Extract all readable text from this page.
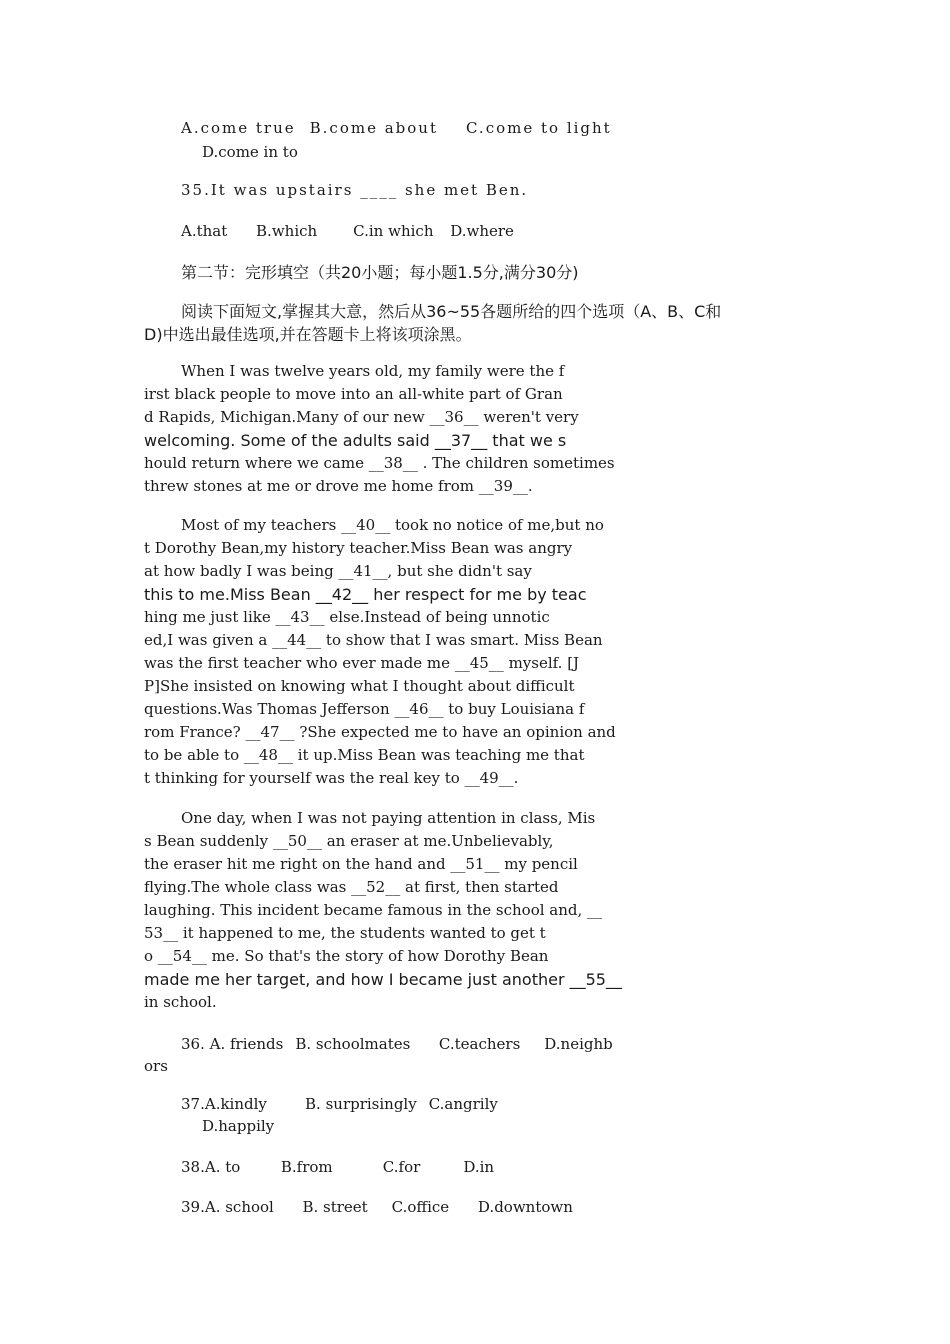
A.come trueB.come aboutC.come to light
D.come in to
35.It was upstairs ____ she met Ben.
A.that B.whichC.in which D.where
第二节：完形填空（共20小题；每小题1.5分,满分30分)
阅读下面短文,掌握其大意，然后从36~55各题所给的四个选项（A、B、C和
D)中选出最佳选项,并在答题卡上将该项涂黑。
When I was twelve years old, my family were the f
irst black people to move into an all-white part of Gran
d Rapids, Michigan.Many of our new __36__ weren't very
welcoming. Some of the adults said __37__ that we s
hould return where we came __38__ . The children sometimes
threw stones at me or drove me home from __39__.
Most of my teachers __40__ took no notice of me,but no
t Dorothy Bean,my history teacher.Miss Bean was angry
at how badly I was being __41__, but she didn't say
this to me.Miss Bean __42__ her respect for me by teac
hing me just like __43__ else.Instead of being unnotic
ed,I was given a __44__ to show that I was smart. Miss Bean
was the first teacher who ever made me __45__ myself. [J
P]She insisted on knowing what I thought about difficult
questions.Was Thomas Jefferson __46__ to buy Louisiana f
rom France? __47__ ?She expected me to have an opinion and
to be able to __48__ it up.Miss Bean was teaching me that
t thinking for yourself was the real key to __49__.
One day, when I was not paying attention in class, Mis
s Bean suddenly __50__ an eraser at me.Unbelievably,
the eraser hit me right on the hand and __51__ my pencil
flying.The whole class was __52__ at first, then started
laughing. This incident became famous in the school and, __
53__ it happened to me, the students wanted to get t
o __54__ me. So that's the story of how Dorothy Bean
made me her target, and how I became just another __55__
in school.
36. A. friendsB. schoolmates      C.teachersD.neighb
ors
37.A.kindly        B. surprisinglyC.angrily
D.happily
38.A. to      B.from        C.for    D.in
39.A. school      B. streetC.office D.downtown
